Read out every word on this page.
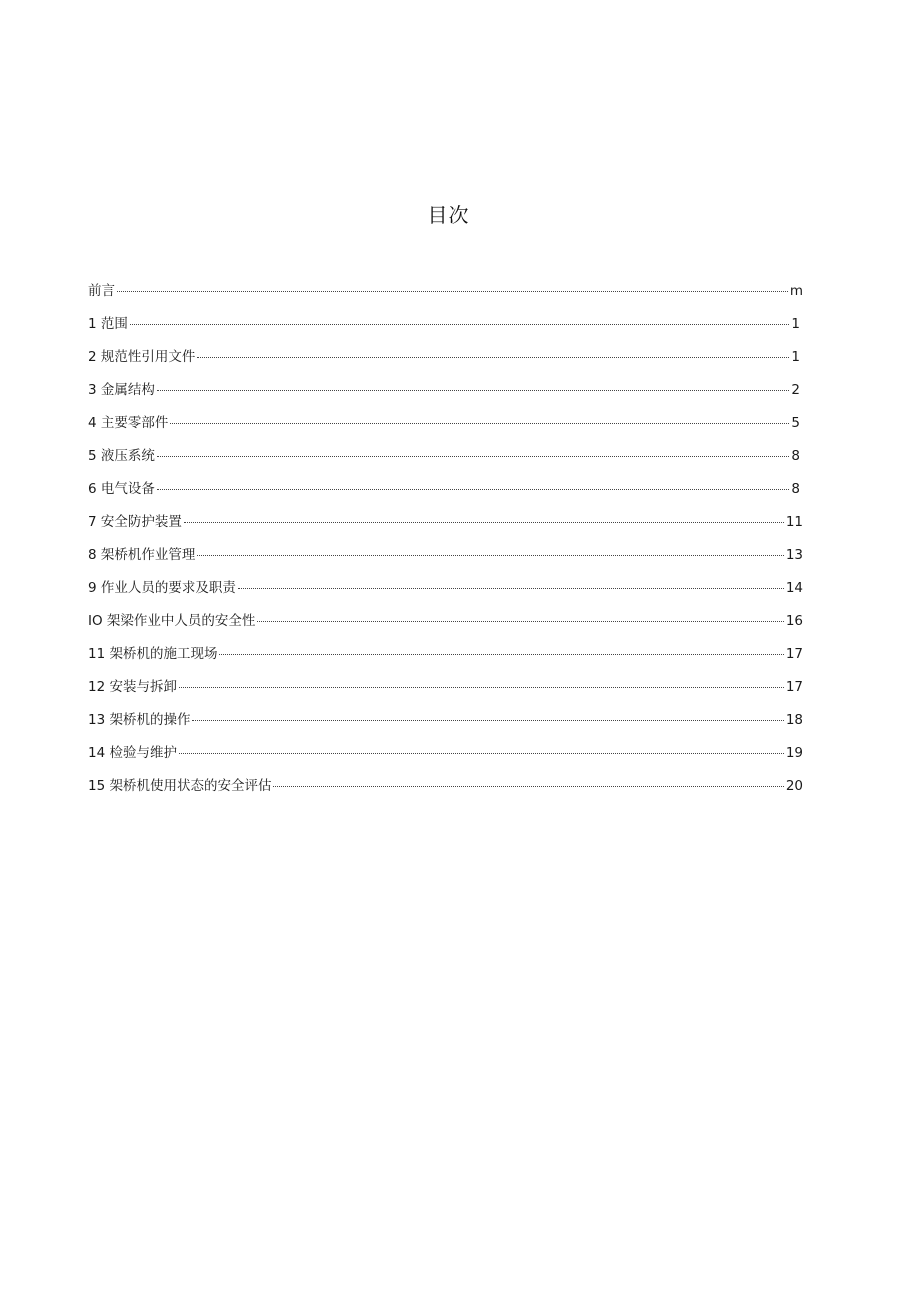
目次
前言	m
1 范围	1
2 规范性引用文件	1
3 金属结构	2
4 主要零部件	5
5 液压系统	8
6 电气设备	8
7 安全防护装置	11
8 架桥机作业管理	13
9 作业人员的要求及职责	14
IO 架梁作业中人员的安全性	16
11 架桥机的施工现场	17
12 安装与拆卸	17
13 架桥机的操作	18
14 检验与维护	19
15 架桥机使用状态的安全评估	20
